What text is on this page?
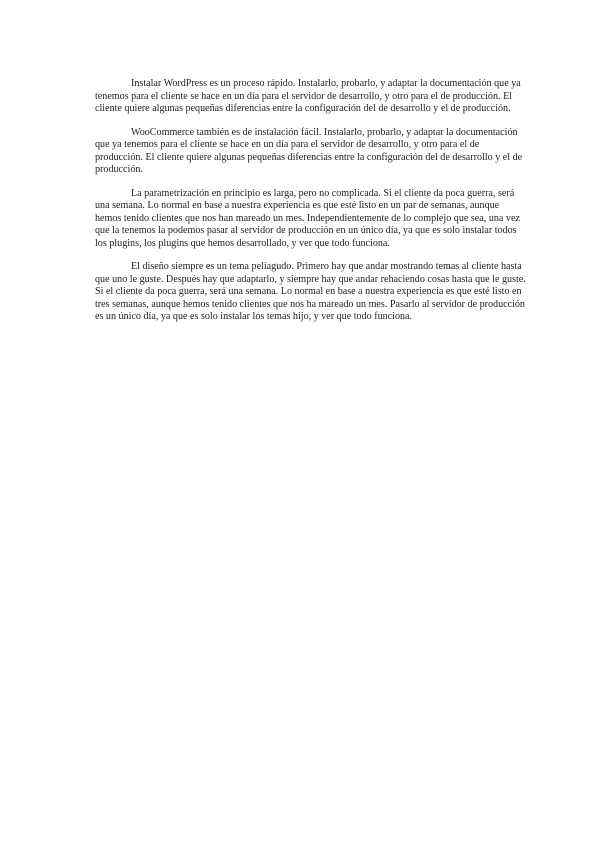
Instalar WordPress es un proceso rápido. Instalarlo, probarlo, y adaptar la documentación que ya tenemos para el cliente se hace en un día para el servidor de desarrollo, y otro para el de producción. El cliente quiere algunas pequeñas diferencias entre la configuración del de desarrollo y el de producción.

WooCommerce también es de instalación fácil. Instalarlo, probarlo, y adaptar la documentación que ya tenemos para el cliente se hace en un día para el servidor de desarrollo, y otro para el de producción. El cliente quiere algunas pequeñas diferencias entre la configuración del de desarrollo y el de producción.

La parametrización en principio es larga, pero no complicada. Si el cliente da poca guerra, será una semana. Lo normal en base a nuestra experiencia es que esté listo en un par de semanas, aunque hemos tenido clientes que nos han mareado un mes. Independientemente de lo complejo que sea, una vez que la tenemos la podemos pasar al servidor de producción en un único día, ya que es solo instalar todos los plugins, los plugins que hemos desarrollado, y ver que todo funciona.

El diseño siempre es un tema peliagudo. Primero hay que andar mostrando temas al cliente hasta que uno le guste. Después hay que adaptarlo, y siempre hay que andar rehaciendo cosas hasta que le guste. Si el cliente da poca guerra, será una semana. Lo normal en base a nuestra experiencia es que esté listo en tres semanas, aunque hemos tenido clientes que nos ha mareado un mes. Pasarlo al servidor de producción es un único día, ya que es solo instalar los temas hijo, y ver que todo funciona.
